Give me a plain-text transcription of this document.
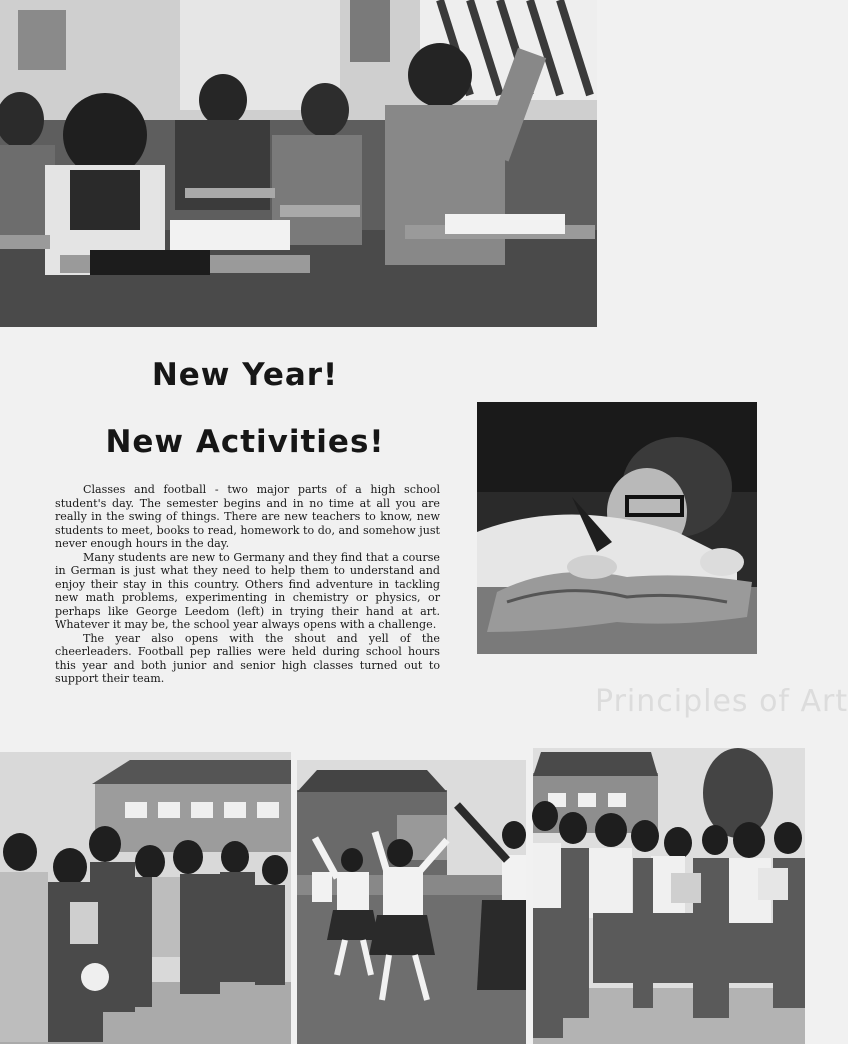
New Year!
New Activities!

Classes and football - two major parts of a high school student's day. The semester begins and in no time at all you are really in the swing of things. There are new teachers to know, new students to meet, books to read, homework to do, and somehow just never enough hours in the day.

Many students are new to Germany and they find that a course in German is just what they need to help them to understand and enjoy their stay in this country. Others find adventure in tackling new math problems, experimenting in chemistry or physics, or perhaps like George Leedom (left) in trying their hand at art. Whatever it may be, the school year always opens with a challenge.

The year also opens with the shout and yell of the cheerleaders. Football pep rallies were held during school hours this year and both junior and senior high classes turned out to support their team.

Principles of Art
